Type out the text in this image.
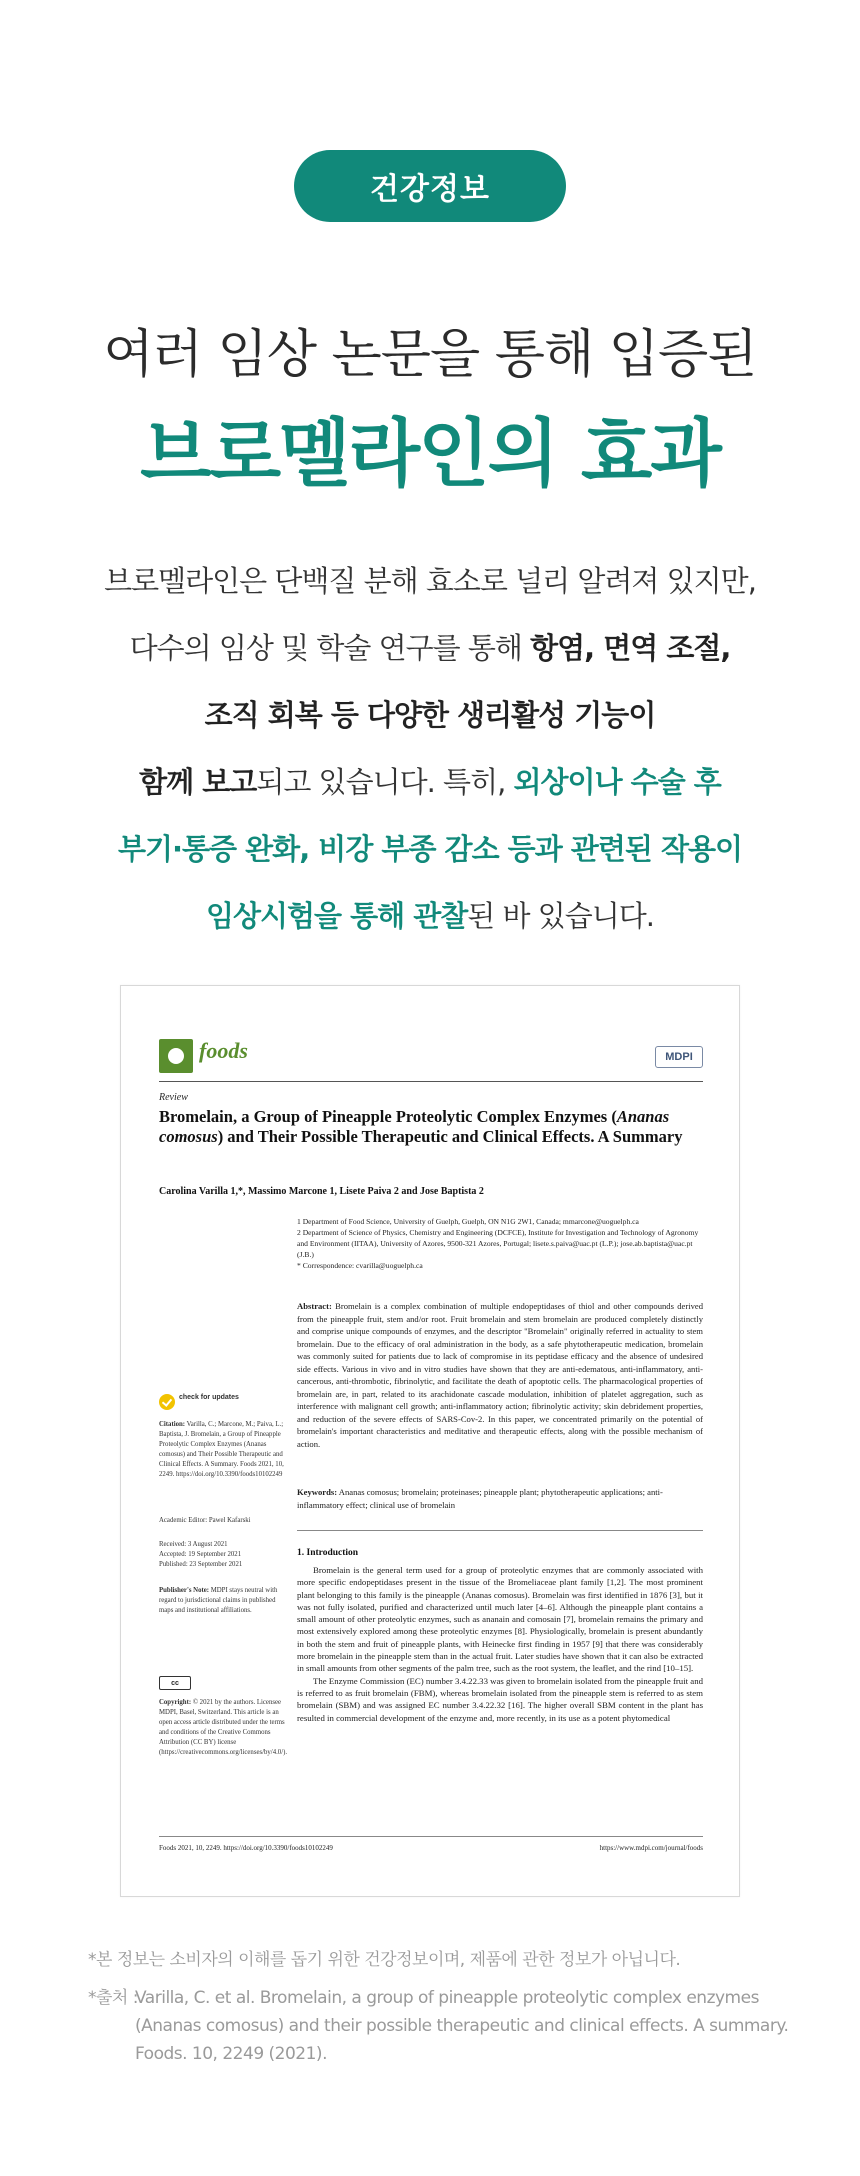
건강정보
여러 임상 논문을 통해 입증된
브로멜라인의 효과
브로멜라인은 단백질 분해 효소로 널리 알려져 있지만,
다수의 임상 및 학술 연구를 통해 항염, 면역 조절,
조직 회복 등 다양한 생리활성 기능이
함께 보고되고 있습니다. 특히, 외상이나 수술 후
부기·통증 완화, 비강 부종 감소 등과 관련된 작용이
임상시험을 통해 관찰된 바 있습니다.
foods	MDPI
Review
Bromelain, a Group of Pineapple Proteolytic Complex Enzymes (Ananas comosus) and Their Possible Therapeutic and Clinical Effects. A Summary
Carolina Varilla 1,*, Massimo Marcone 1, Lisete Paiva 2 and Jose Baptista 2
1 Department of Food Science, University of Guelph, Guelph, ON N1G 2W1, Canada; mmarcone@uoguelph.ca
2 Department of Science of Physics, Chemistry and Engineering (DCFCE), Institute for Investigation and Technology of Agronomy and Environment (IITAA), University of Azores, 9500-321 Azores, Portugal; lisete.s.paiva@uac.pt (L.P.); jose.ab.baptista@uac.pt (J.B.)
* Correspondence: cvarilla@uoguelph.ca
Abstract: Bromelain is a complex combination of multiple endopeptidases of thiol and other compounds derived from the pineapple fruit, stem and/or root. Fruit bromelain and stem bromelain are produced completely distinctly and comprise unique compounds of enzymes, and the descriptor "Bromelain" originally referred in actuality to stem bromelain. Due to the efficacy of oral administration in the body, as a safe phytotherapeutic medication, bromelain was commonly suited for patients due to lack of compromise in its peptidase efficacy and the absence of undesired side effects. Various in vivo and in vitro studies have shown that they are anti-edematous, anti-inflammatory, anti-cancerous, anti-thrombotic, fibrinolytic, and facilitate the death of apoptotic cells. The pharmacological properties of bromelain are, in part, related to its arachidonate cascade modulation, inhibition of platelet aggregation, such as interference with malignant cell growth; anti-inflammatory action; fibrinolytic activity; skin debridement properties, and reduction of the severe effects of SARS-Cov-2. In this paper, we concentrated primarily on the potential of bromelain's important characteristics and meditative and therapeutic effects, along with the possible mechanism of action.
Keywords: Ananas comosus; bromelain; proteinases; pineapple plant; phytotherapeutic applications; anti-inflammatory effect; clinical use of bromelain
1. Introduction
Bromelain is the general term used for a group of proteolytic enzymes that are commonly associated with more specific endopeptidases present in the tissue of the Bromeliaceae plant family [1,2]. The most prominent plant belonging to this family is the pineapple (Ananas comosus). Bromelain was first identified in 1876 [3], but it was not fully isolated, purified and characterized until much later [4–6]. Although the pineapple plant contains a small amount of other proteolytic enzymes, such as ananain and comosain [7], bromelain remains the primary and most extensively explored among these proteolytic enzymes [8]. Physiologically, bromelain is present abundantly in both the stem and fruit of pineapple plants, with Heinecke first finding in 1957 [9] that there was considerably more bromelain in the pineapple stem than in the actual fruit. Later studies have shown that it can also be extracted in small amounts from other segments of the palm tree, such as the root system, the leaflet, and the rind [10–15].
The Enzyme Commission (EC) number 3.4.22.33 was given to bromelain isolated from the pineapple fruit and is referred to as fruit bromelain (FBM), whereas bromelain isolated from the pineapple stem is referred to as stem bromelain (SBM) and was assigned EC number 3.4.22.32 [16]. The higher overall SBM content in the plant has resulted in commercial development of the enzyme and, more recently, in its use as a potent phytomedical
check for updates
Citation: Varilla, C.; Marcone, M.; Paiva, L.; Baptista, J. Bromelain, a Group of Pineapple Proteolytic Complex Enzymes (Ananas comosus) and Their Possible Therapeutic and Clinical Effects. A Summary. Foods 2021, 10, 2249. https://doi.org/10.3390/foods10102249
Academic Editor: Pawel Kafarski
Received: 3 August 2021
Accepted: 19 September 2021
Published: 23 September 2021
Publisher's Note: MDPI stays neutral with regard to jurisdictional claims in published maps and institutional affiliations.
cc
Copyright: © 2021 by the authors. Licensee MDPI, Basel, Switzerland. This article is an open access article distributed under the terms and conditions of the Creative Commons Attribution (CC BY) license (https://creativecommons.org/licenses/by/4.0/).
Foods 2021, 10, 2249. https://doi.org/10.3390/foods10102249	https://www.mdpi.com/journal/foods
*본 정보는 소비자의 이해를 돕기 위한 건강정보이며, 제품에 관한 정보가 아닙니다.
*출처 :
Varilla, C. et al. Bromelain, a group of pineapple proteolytic complex enzymes
(Ananas comosus) and their possible therapeutic and clinical effects. A summary.
Foods. 10, 2249 (2021).
